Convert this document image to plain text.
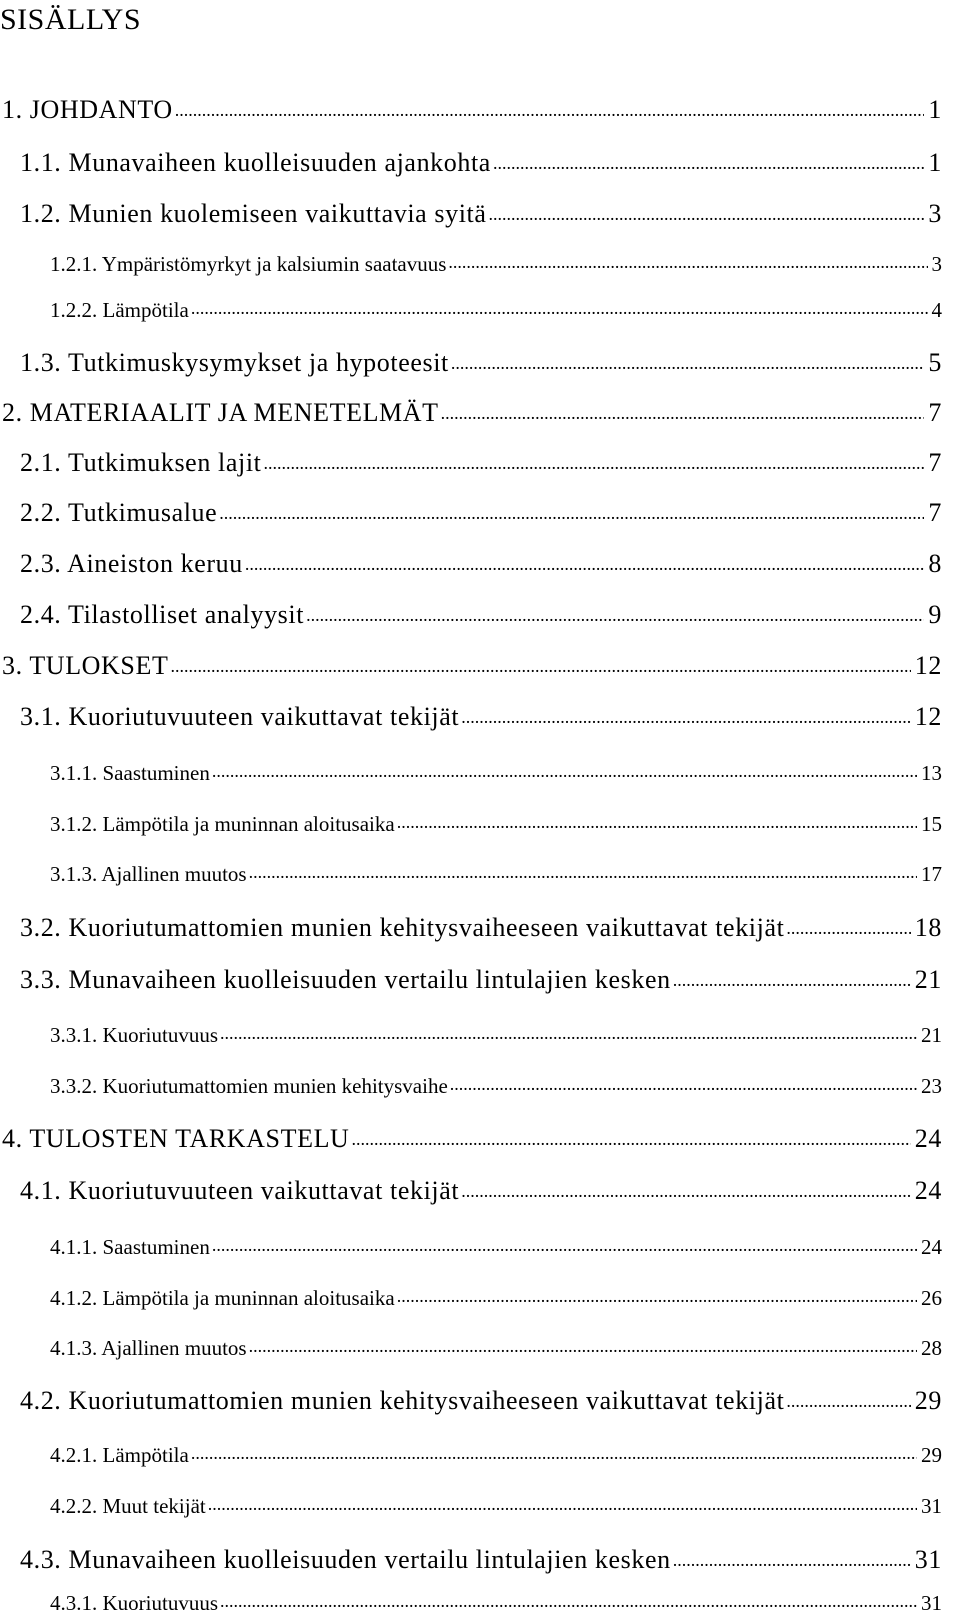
SISÄLLYS
1. JOHDANTO .....	1
1.1. Munavaiheen kuolleisuuden ajankohta .....	1
1.2. Munien kuolemiseen vaikuttavia syitä .....	3
1.2.1. Ympäristömyrkyt ja kalsiumin saatavuus .....	3
1.2.2. Lämpötila .....	4
1.3. Tutkimuskysymykset ja hypoteesit .....	5
2. MATERIAALIT JA MENETELMÄT .....	7
2.1. Tutkimuksen lajit .....	7
2.2. Tutkimusalue .....	7
2.3. Aineiston keruu .....	8
2.4. Tilastolliset analyysit .....	9
3. TULOKSET .....	12
3.1. Kuoriutuvuuteen vaikuttavat tekijät .....	12
3.1.1. Saastuminen .....	13
3.1.2. Lämpötila ja muninnan aloitusaika .....	15
3.1.3. Ajallinen muutos .....	17
3.2. Kuoriutumattomien munien kehitysvaiheeseen vaikuttavat tekijät .....	18
3.3. Munavaiheen kuolleisuuden vertailu lintulajien kesken .....	21
3.3.1. Kuoriutuvuus .....	21
3.3.2. Kuoriutumattomien munien kehitysvaihe .....	23
4. TULOSTEN TARKASTELU .....	24
4.1. Kuoriutuvuuteen vaikuttavat tekijät .....	24
4.1.1. Saastuminen .....	24
4.1.2. Lämpötila ja muninnan aloitusaika .....	26
4.1.3. Ajallinen muutos .....	28
4.2. Kuoriutumattomien munien kehitysvaiheeseen vaikuttavat tekijät .....	29
4.2.1. Lämpötila .....	29
4.2.2. Muut tekijät .....	31
4.3. Munavaiheen kuolleisuuden vertailu lintulajien kesken .....	31
4.3.1. Kuoriutuvuus .....	31
